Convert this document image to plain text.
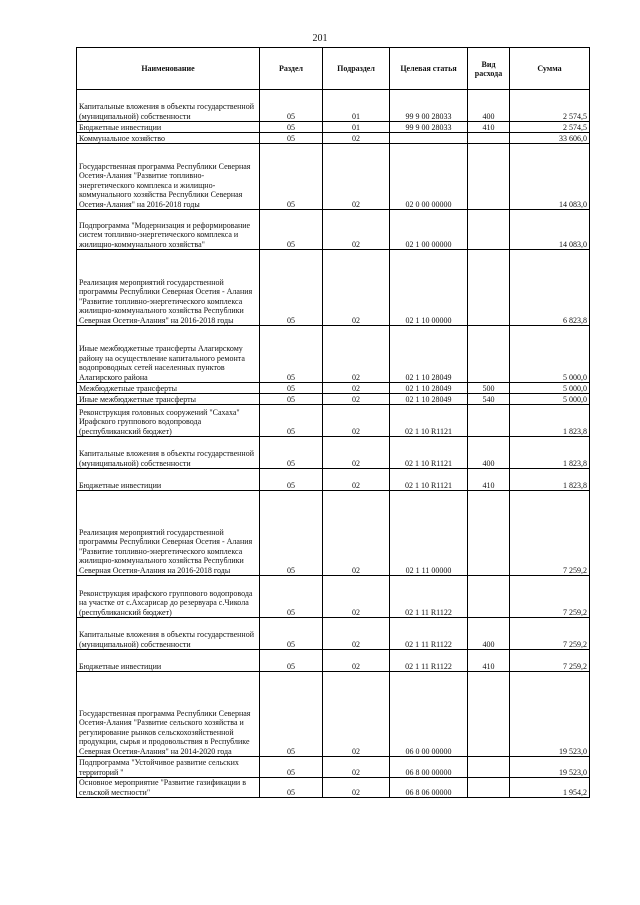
201
Наименование	Раздел	Подраздел	Целевая статья	Вид расхода	Сумма
Капитальные вложения в объекты государственной (муниципальной) собственности	05	01	99 9 00 28033	400	2 574,5
Бюджетные инвестиции	05	01	99 9 00 28033	410	2 574,5
Коммунальное хозяйство	05	02			33 606,0
Государственная программа Республики Северная Осетия-Алания "Развитие топливно-энергетического комплекса и жилищно-коммунального хозяйства Республики Северная Осетия-Алания" на 2016-2018 годы	05	02	02 0 00 00000		14 083,0
Подпрограмма "Модернизация и реформирование систем топливно-энергетического комплекса и жилищно-коммунального хозяйства"	05	02	02 1 00 00000		14 083,0
Реализация мероприятий государственной программы Республики Северная Осетия - Алания "Развитие топливно-энергетического комплекса жилищно-коммунального хозяйства Республики Северная Осетия-Алания" на 2016-2018 годы	05	02	02 1 10 00000		6 823,8
Иные межбюджетные трансферты Алагирскому району на осуществление капитального ремонта водопроводных сетей населенных пунктов Алагирского района	05	02	02 1 10 28049		5 000,0
Межбюджетные трансферты	05	02	02 1 10 28049	500	5 000,0
Иные межбюджетные трансферты	05	02	02 1 10 28049	540	5 000,0
Реконструкция головных сооружений "Сахаха" Ирафского группового водопровода (республиканский бюджет)	05	02	02 1 10 R1121		1 823,8
Капитальные вложения в объекты государственной (муниципальной) собственности	05	02	02 1 10 R1121	400	1 823,8
Бюджетные инвестиции	05	02	02 1 10 R1121	410	1 823,8
Реализация мероприятий государственной программы Республики Северная Осетия - Алания "Развитие топливно-энергетического комплекса жилищно-коммунального хозяйства Республики Северная Осетия-Алания на 2016-2018 годы	05	02	02 1 11 00000		7 259,2
Реконструкция ирафского группового водопровода на участке от с.Ахсарисар до резервуара с.Чикола (республиканский бюджет)	05	02	02 1 11 R1122		7 259,2
Капитальные вложения в объекты государственной (муниципальной) собственности	05	02	02 1 11 R1122	400	7 259,2
Бюджетные инвестиции	05	02	02 1 11 R1122	410	7 259,2
Государственная программа Республики Северная Осетия-Алания "Развитие сельского хозяйства и регулирование рынков сельскохозяйственной продукции, сырья и продовольствия в Республике Северная Осетия-Алания" на 2014-2020 года	05	02	06 0 00 00000		19 523,0
Подпрограмма "Устойчивое развитие сельских территорий "	05	02	06 8 00 00000		19 523,0
Основное мероприятие "Развитие газификации в сельской местности"	05	02	06 8 06 00000		1 954,2
